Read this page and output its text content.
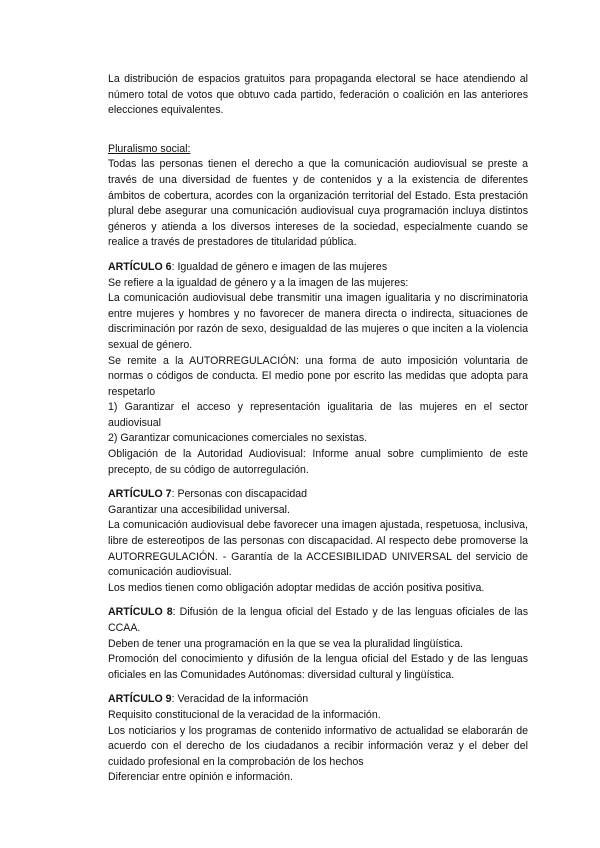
La distribución de espacios gratuitos para propaganda electoral se hace atendiendo al número total de votos que obtuvo cada partido, federación o coalición en las anteriores elecciones equivalentes.

Pluralismo social:

Todas las personas tienen el derecho a que la comunicación audiovisual se preste a través de una diversidad de fuentes y de contenidos y a la existencia de diferentes ámbitos de cobertura, acordes con la organización territorial del Estado. Esta prestación plural debe asegurar una comunicación audiovisual cuya programación incluya distintos géneros y atienda a los diversos intereses de la sociedad, especialmente cuando se realice a través de prestadores de titularidad pública.

ARTÍCULO 6: Igualdad de género e imagen de las mujeres

Se refiere a la igualdad de género y a la imagen de las mujeres:

La comunicación audiovisual debe transmitir una imagen igualitaria y no discriminatoria entre mujeres y hombres y no favorecer de manera directa o indirecta, situaciones de discriminación por razón de sexo, desigualdad de las mujeres o que inciten a la violencia sexual de género.

Se remite a la AUTORREGULACIÓN: una forma de auto imposición voluntaria de normas o códigos de conducta. El medio pone por escrito las medidas que adopta para respetarlo

1) Garantizar el acceso y representación igualitaria de las mujeres en el sector audiovisual

2) Garantizar comunicaciones comerciales no sexistas.

Obligación de la Autoridad Audiovisual: Informe anual sobre cumplimiento de este precepto, de su código de autorregulación.

ARTÍCULO 7: Personas con discapacidad

Garantizar una accesibilidad universal.

La comunicación audiovisual debe favorecer una imagen ajustada, respetuosa, inclusiva, libre de estereotipos de las personas con discapacidad. Al respecto debe promoverse la AUTORREGULACIÓN. - Garantía de la ACCESIBILIDAD UNIVERSAL del servicio de comunicación audiovisual.

Los medios tienen como obligación adoptar medidas de acción positiva positiva.

ARTÍCULO 8: Difusión de la lengua oficial del Estado y de las lenguas oficiales de las CCAA.

Deben de tener una programación en la que se vea la pluralidad lingüística.

Promoción del conocimiento y difusión de la lengua oficial del Estado y de las lenguas oficiales en las Comunidades Autónomas: diversidad cultural y lingüística.

ARTÍCULO 9: Veracidad de la información

Requisito constitucional de la veracidad de la información.

Los noticiarios y los programas de contenido informativo de actualidad se elaborarán de acuerdo con el derecho de los ciudadanos a recibir información veraz y el deber del cuidado profesional en la comprobación de los hechos

Diferenciar entre opinión e información.
